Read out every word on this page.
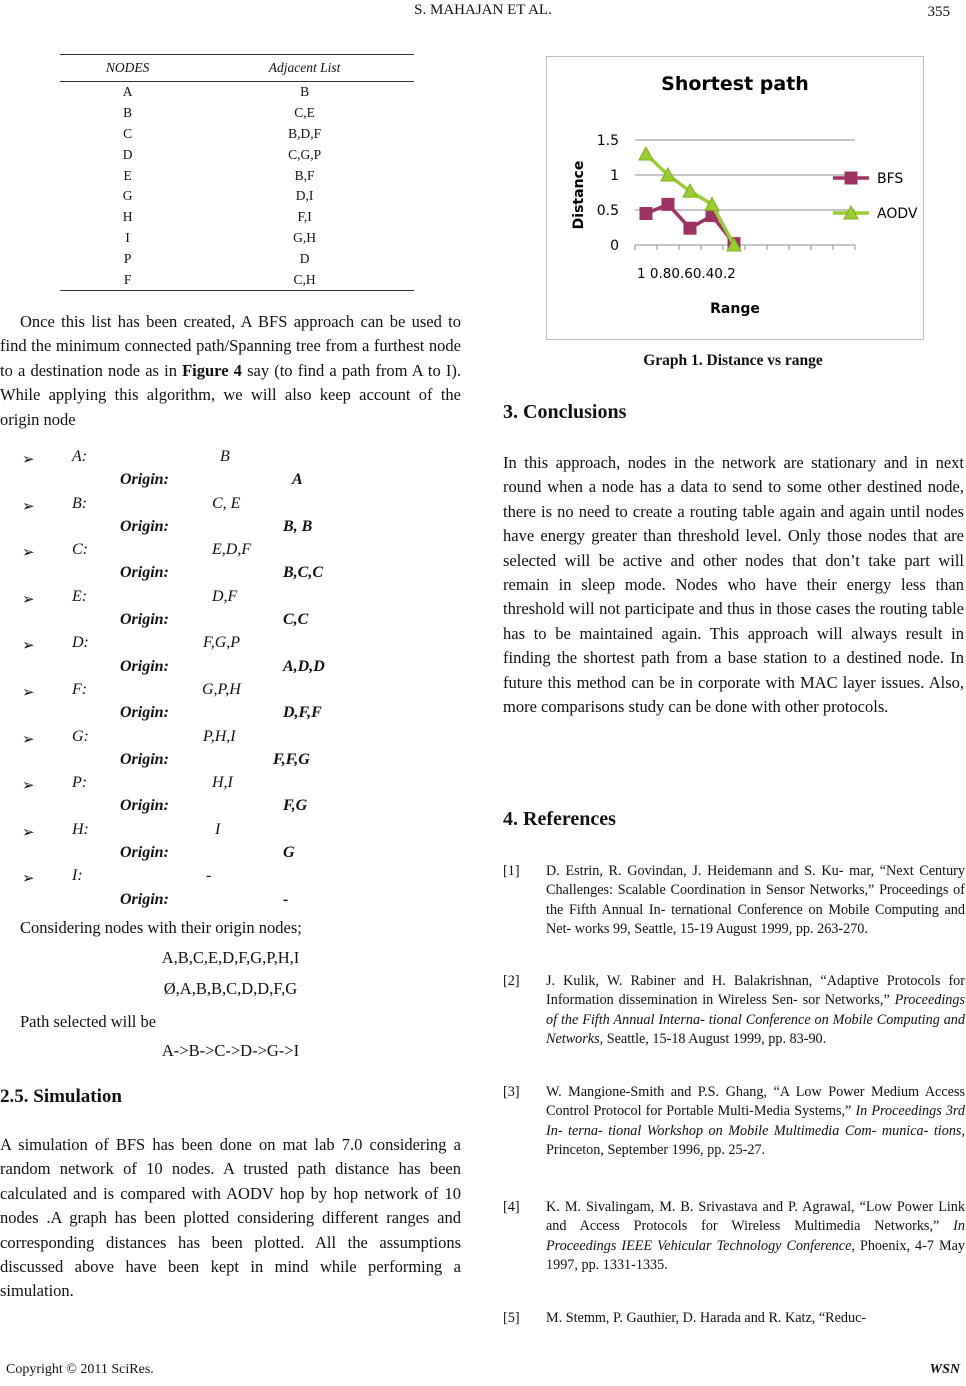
S. MAHAJAN ET AL.	355
NODES	Adjacent List
A	B
B	C,E
C	B,D,F
D	C,G,P
E	B,F
G	D,I
H	F,I
I	G,H
P	D
F	C,H

Once this list has been created, A BFS approach can be used to find the minimum connected path/Spanning tree from a furthest node to a destination node as in Figure 4 say (to find a path from A to I). While applying this algorithm, we will also keep account of the origin node

➢ A:	B
Origin:	A
➢ B:	C, E
Origin:	B, B
➢ C:	E,D,F
Origin:	B,C,C
➢ E:	D,F
Origin:	C,C
➢ D:	F,G,P
Origin:	A,D,D
➢ F:	G,P,H
Origin:	D,F,F
➢ G:	P,H,I
Origin:	F,F,G
➢ P:	H,I
Origin:	F,G
➢ H:	I
Origin:	G
➢ I:	-
Origin:	-
Considering nodes with their origin nodes;
A,B,C,E,D,F,G,P,H,I
Ø,A,B,B,C,D,D,F,G
Path selected will be
A->B->C->D->G->I
2.5. Simulation

A simulation of BFS has been done on mat lab 7.0 considering a random network of 10 nodes. A trusted path distance has been calculated and is compared with AODV hop by hop network of 10 nodes .A graph has been plotted considering different ranges and corresponding distances has been plotted. All the assumptions discussed above have been kept in mind while performing a simulation.

Shortest path
0
0.5
1
1.5
1 0.80.60.40.2
Range
Distance	BFS
AODV
Graph 1. Distance vs range
3. Conclusions

In this approach, nodes in the network are stationary and in next round when a node has a data to send to some other destined node, there is no need to create a routing table again and again until nodes have energy greater than threshold level. Only those nodes that are selected will be active and other nodes that don’t take part will remain in sleep mode. Nodes who have their energy less than threshold will not participate and thus in those cases the routing table has to be maintained again. This approach will always result in finding the shortest path from a base station to a destined node. In future this method can be in corporate with MAC layer issues. Also, more comparisons study can be done with other protocols.

4. References
[1] D. Estrin, R. Govindan, J. Heidemann and S. Ku- mar, “Next Century Challenges: Scalable Coordination in Sensor Networks,” Proceedings of the Fifth Annual In- ternational Conference on Mobile Computing and Net- works 99, Seattle, 15-19 August 1999, pp. 263-270.
[2] J. Kulik, W. Rabiner and H. Balakrishnan, “Adaptive Protocols for Information dissemination in Wireless Sen- sor Networks,” Proceedings of the Fifth Annual Interna- tional Conference on Mobile Computing and Networks, Seattle, 15-18 August 1999, pp. 83-90.
[3] W. Mangione-Smith and P.S. Ghang, “A Low Power Medium Access Control Protocol for Portable Multi-Media Systems,” In Proceedings 3rd In- terna- tional Workshop on Mobile Multimedia Com- munica- tions, Princeton, September 1996, pp. 25-27.
[4] K. M. Sivalingam, M. B. Srivastava and P. Agrawal, “Low Power Link and Access Protocols for Wireless Multimedia Networks,” In Proceedings IEEE Vehicular Technology Conference, Phoenix, 4-7 May 1997, pp. 1331-1335.
[5] M. Stemm, P. Gauthier, D. Harada and R. Katz, “Reduc-
Copyright © 2011 SciRes.	WSN
